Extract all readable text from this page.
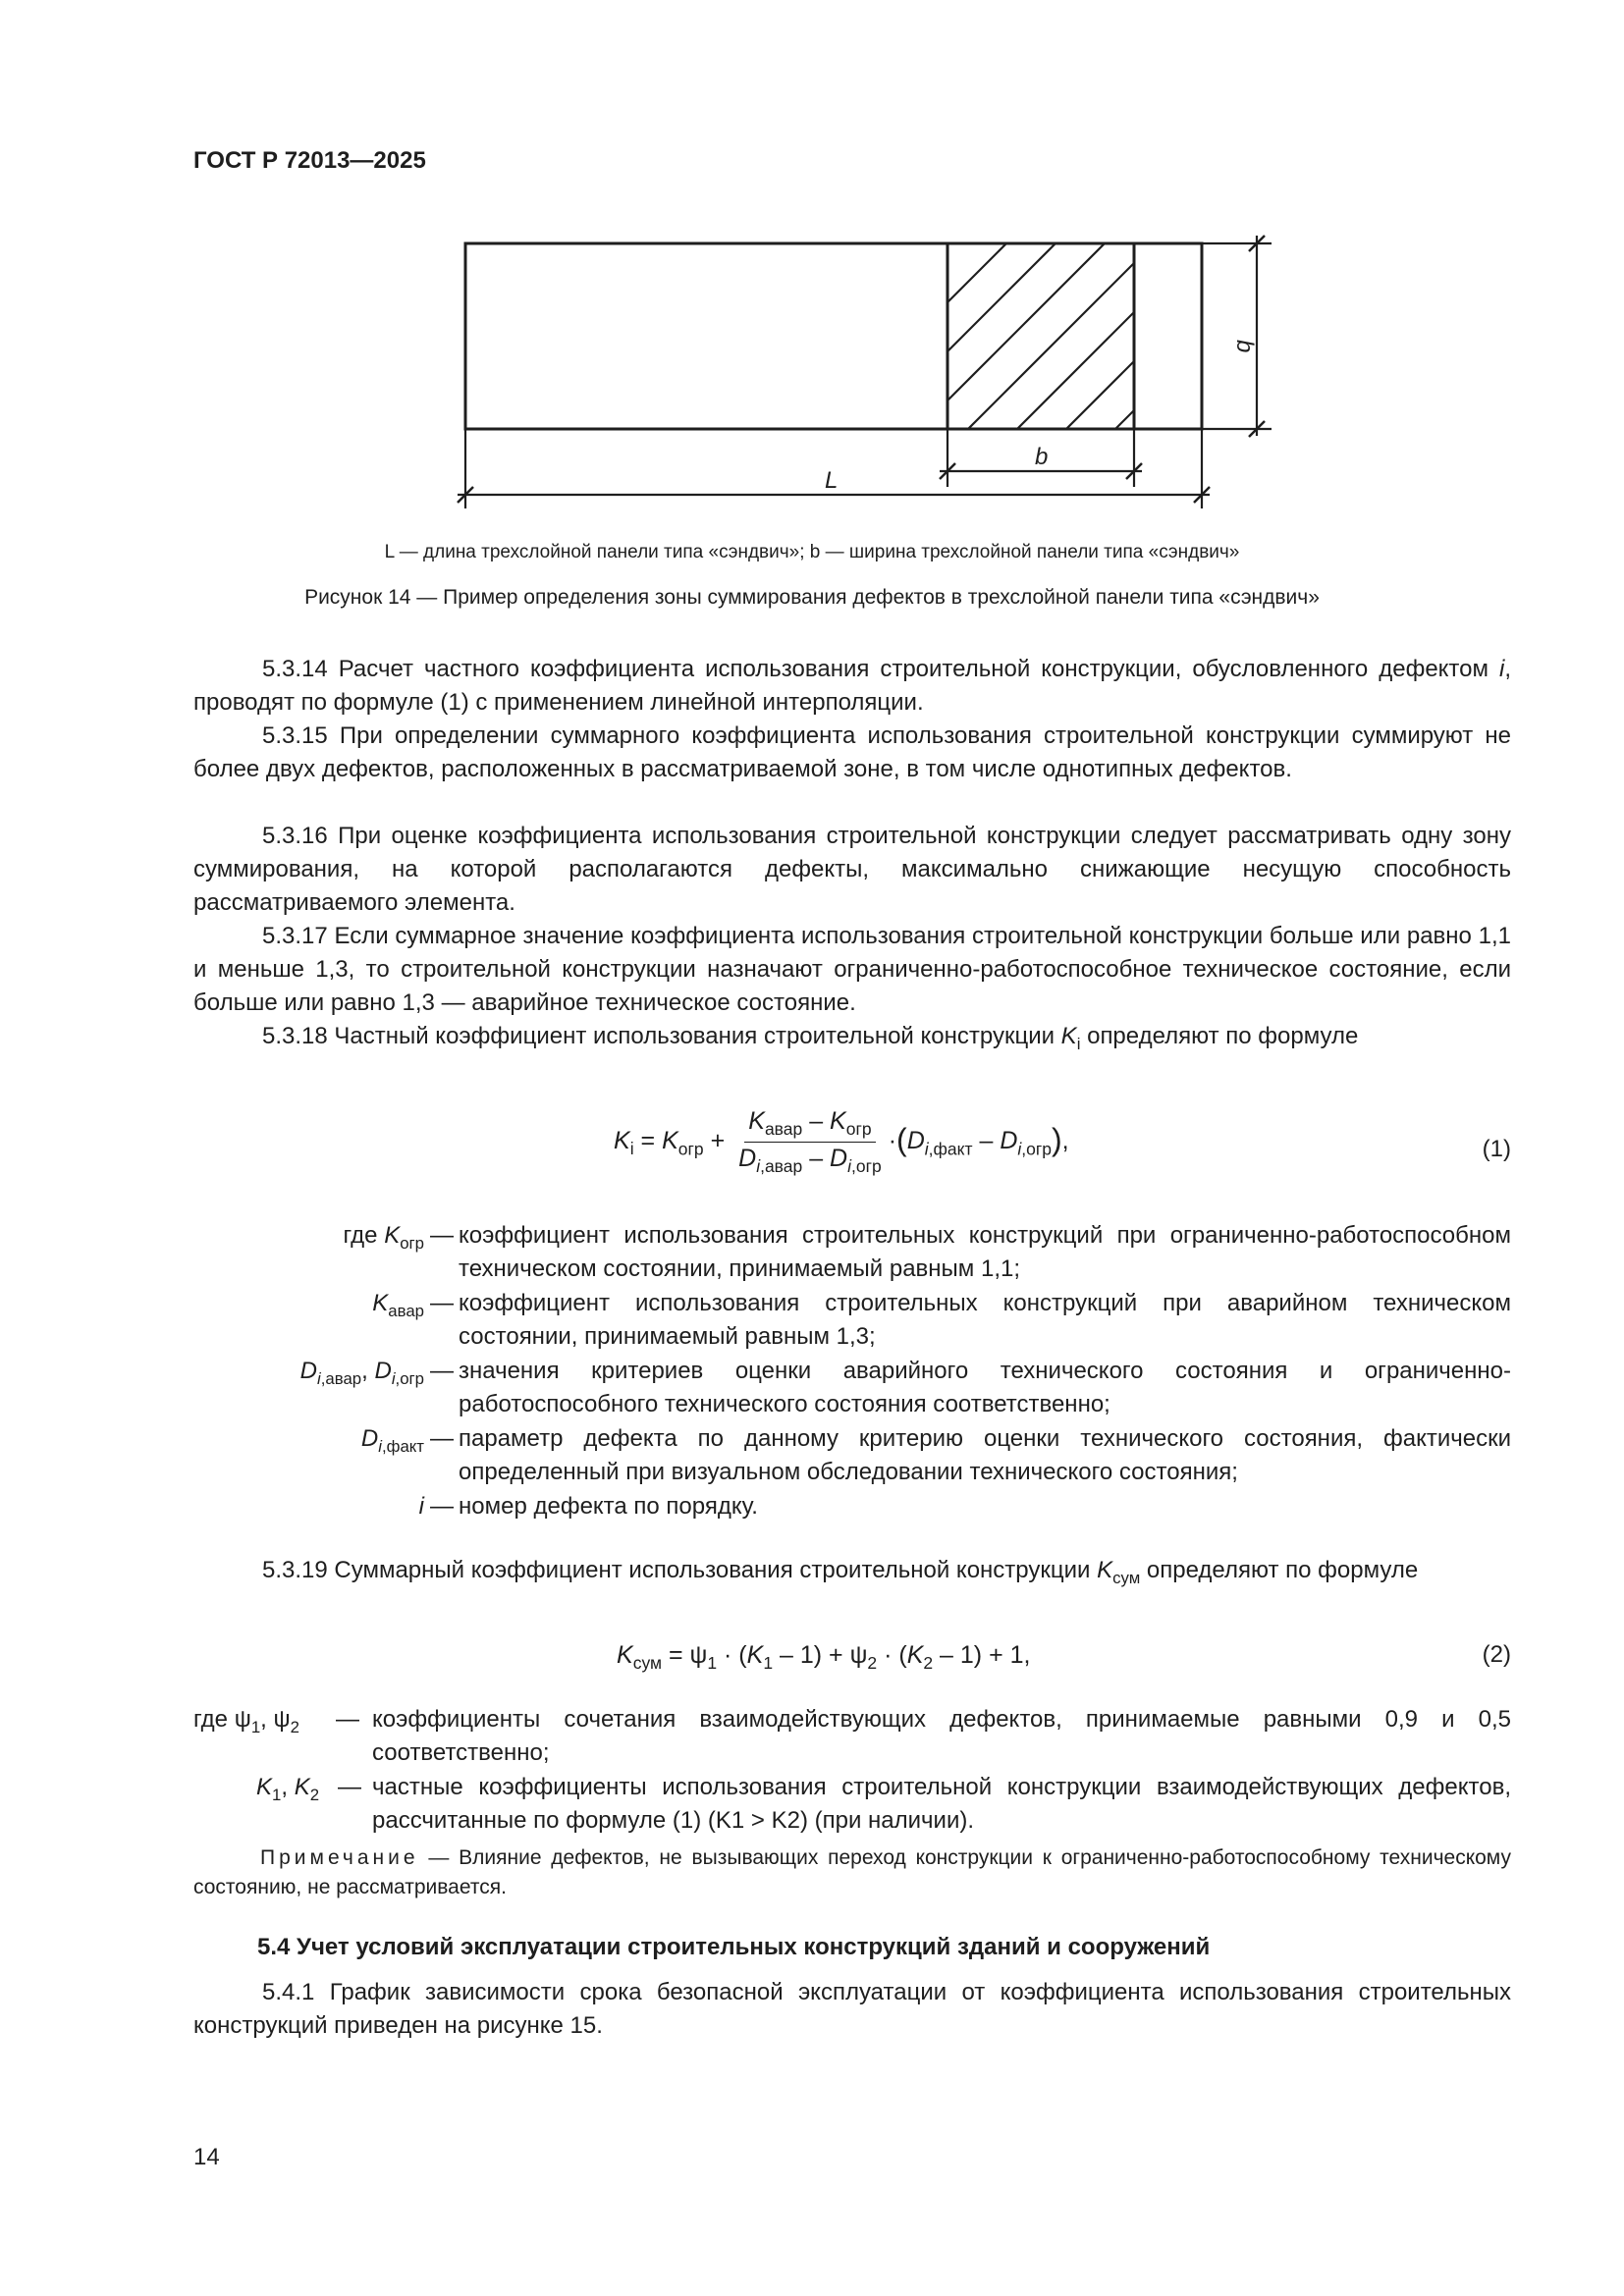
ГОСТ Р 72013—2025
L
b
b
L — длина трехслойной панели типа «сэндвич»; b — ширина трехслойной панели типа «сэндвич»
Рисунок 14 — Пример определения зоны суммирования дефектов в трехслойной панели типа «сэндвич»
5.3.14 Расчет частного коэффициента использования строительной конструкции, обусловленного дефектом i, проводят по формуле (1) с применением линейной интерполяции.
5.3.15 При определении суммарного коэффициента использования строительной конструкции суммируют не более двух дефектов, расположенных в рассматриваемой зоне, в том числе однотипных дефектов.
5.3.16 При оценке коэффициента использования строительной конструкции следует рассматривать одну зону суммирования, на которой располагаются дефекты, максимально снижающие несущую способность рассматриваемого элемента.
5.3.17 Если суммарное значение коэффициента использования строительной конструкции больше или равно 1,1 и меньше 1,3, то строительной конструкции назначают ограниченно-работоспособное техническое состояние, если больше или равно 1,3 — аварийное техническое состояние.
5.3.18 Частный коэффициент использования строительной конструкции $K_i$ определяют по формуле
$K_i = K_{огр} + \frac{K_{авар} - K_{огр}}{D_{i,авар} - D_{i,огр}} \cdot(D_{i,факт} - D_{i,огр})$,	(1)
где $K_{огр}$ — коэффициент использования строительных конструкций при ограниченно-работоспособном техническом состоянии, принимаемый равным 1,1;
$K_{авар}$ — коэффициент использования строительных конструкций при аварийном техническом состоянии, принимаемый равным 1,3;
$D_{i,авар}$, $D_{i,огр}$ — значения критериев оценки аварийного технического состояния и ограниченно-работоспособного технического состояния соответственно;
$D_{i,факт}$ — параметр дефекта по данному критерию оценки технического состояния, фактически определенный при визуальном обследовании технического состояния;
i — номер дефекта по порядку.
5.3.19 Суммарный коэффициент использования строительной конструкции $K_{сум}$ определяют по формуле
$K_{сум} = \psi_1 \cdot (K_1 - 1) + \psi_2 \cdot (K_2 - 1) + 1$,	(2)
где $\psi_1$, $\psi_2$ — коэффициенты сочетания взаимодействующих дефектов, принимаемые равными 0,9 и 0,5 соответственно;
$K_1$, $K_2$ — частные коэффициенты использования строительной конструкции взаимодействующих дефектов, рассчитанные по формуле (1) (K1 > K2) (при наличии).
Примечание — Влияние дефектов, не вызывающих переход конструкции к ограниченно-работоспособному техническому состоянию, не рассматривается.
5.4 Учет условий эксплуатации строительных конструкций зданий и сооружений
5.4.1 График зависимости срока безопасной эксплуатации от коэффициента использования строительных конструкций приведен на рисунке 15.
14
